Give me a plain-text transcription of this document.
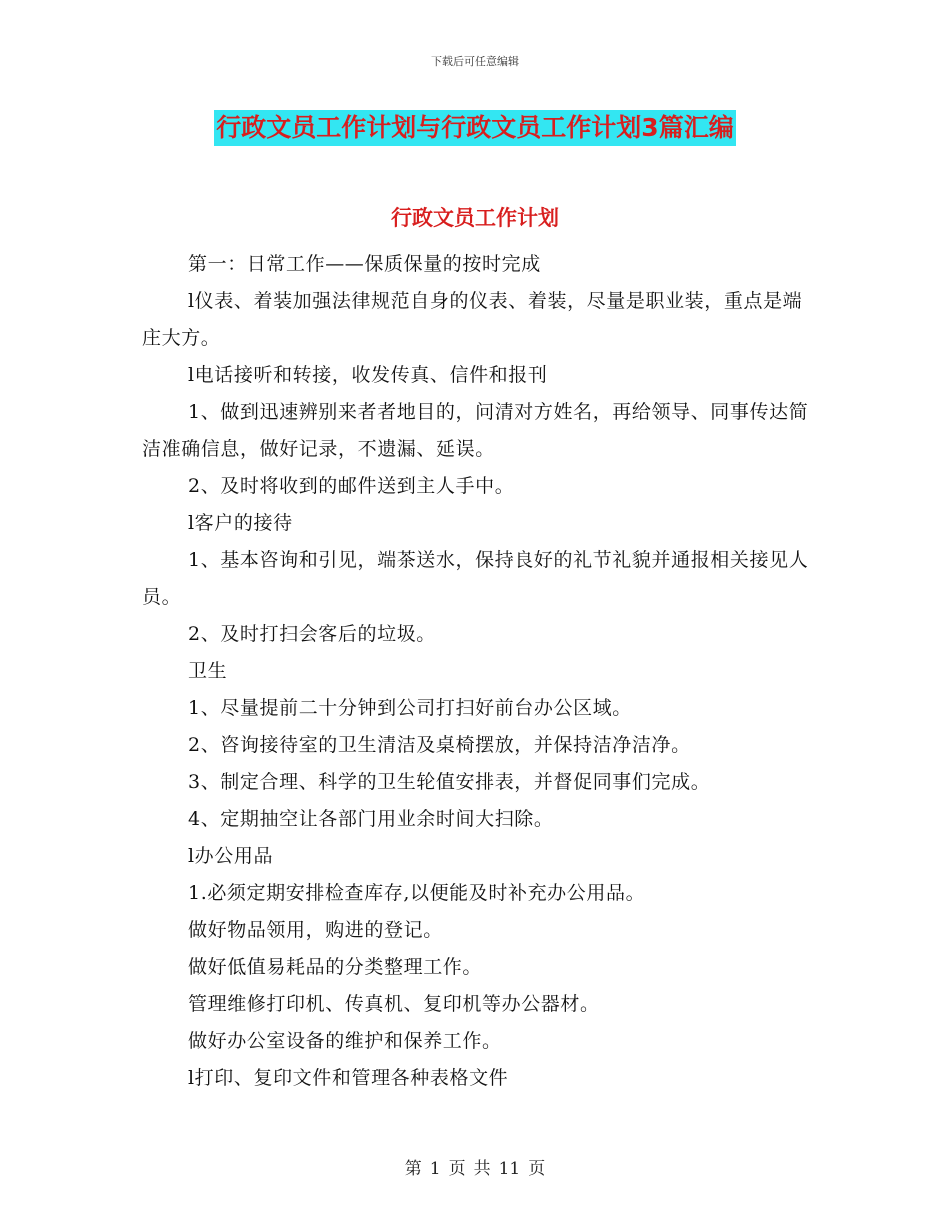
下载后可任意编辑
行政文员工作计划与行政文员工作计划3篇汇编
行政文员工作计划

第一：日常工作——保质保量的按时完成

l仪表、着装加强法律规范自身的仪表、着装，尽量是职业装，重点是端庄大方。

l电话接听和转接，收发传真、信件和报刊

1、做到迅速辨别来者者地目的，问清对方姓名，再给领导、同事传达简洁准确信息，做好记录，不遗漏、延误。

2、及时将收到的邮件送到主人手中。

l客户的接待

1、基本咨询和引见，端茶送水，保持良好的礼节礼貌并通报相关接见人员。

2、及时打扫会客后的垃圾。

卫生

1、尽量提前二十分钟到公司打扫好前台办公区域。

2、咨询接待室的卫生清洁及桌椅摆放，并保持洁净洁净。

3、制定合理、科学的卫生轮值安排表，并督促同事们完成。

4、定期抽空让各部门用业余时间大扫除。

l办公用品

1.必须定期安排检查库存,以便能及时补充办公用品。

做好物品领用，购进的登记。

做好低值易耗品的分类整理工作。

管理维修打印机、传真机、复印机等办公器材。

做好办公室设备的维护和保养工作。

l打印、复印文件和管理各种表格文件

第 1 页 共 11 页
